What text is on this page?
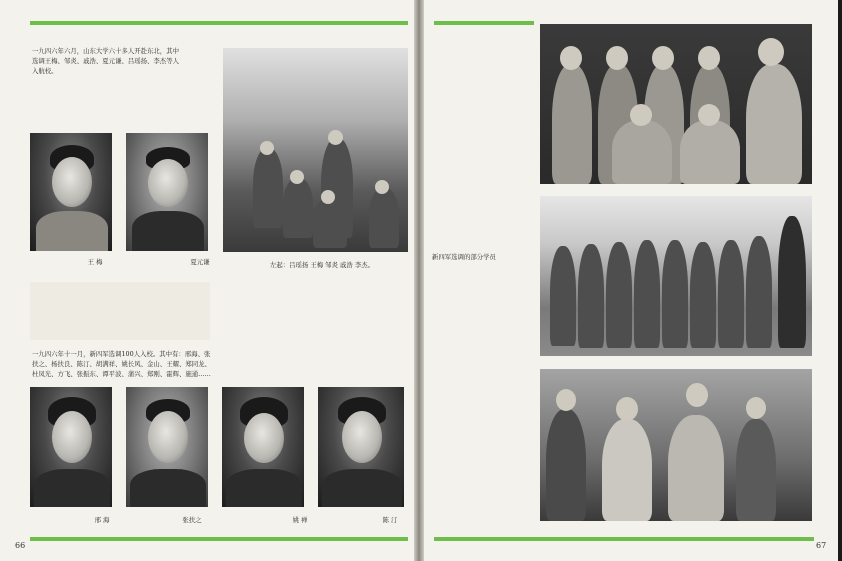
一九四六年六月，山东大学六十多人开赴东北，其中选调王梅、邹炎、戚浩、夏元谦、吕瑶扬、李杰等人入航校。
王 梅	夏元谦	左起：吕瑶扬 王梅 邹炎 戚浩 李杰。
一九四六年十一月，新四军选调100人入校。其中有：邢海、张扶之、杨扶良、陈汀、胡满祥、姚长风、金山、王耀、郑同龙、杜凤光、方飞、张振东、谭平波、蒲兴、郑刚、霍辉、施通……
邢 海	张扶之	姚 禅	陈 汀
66
新四军选调的部分学员
67
